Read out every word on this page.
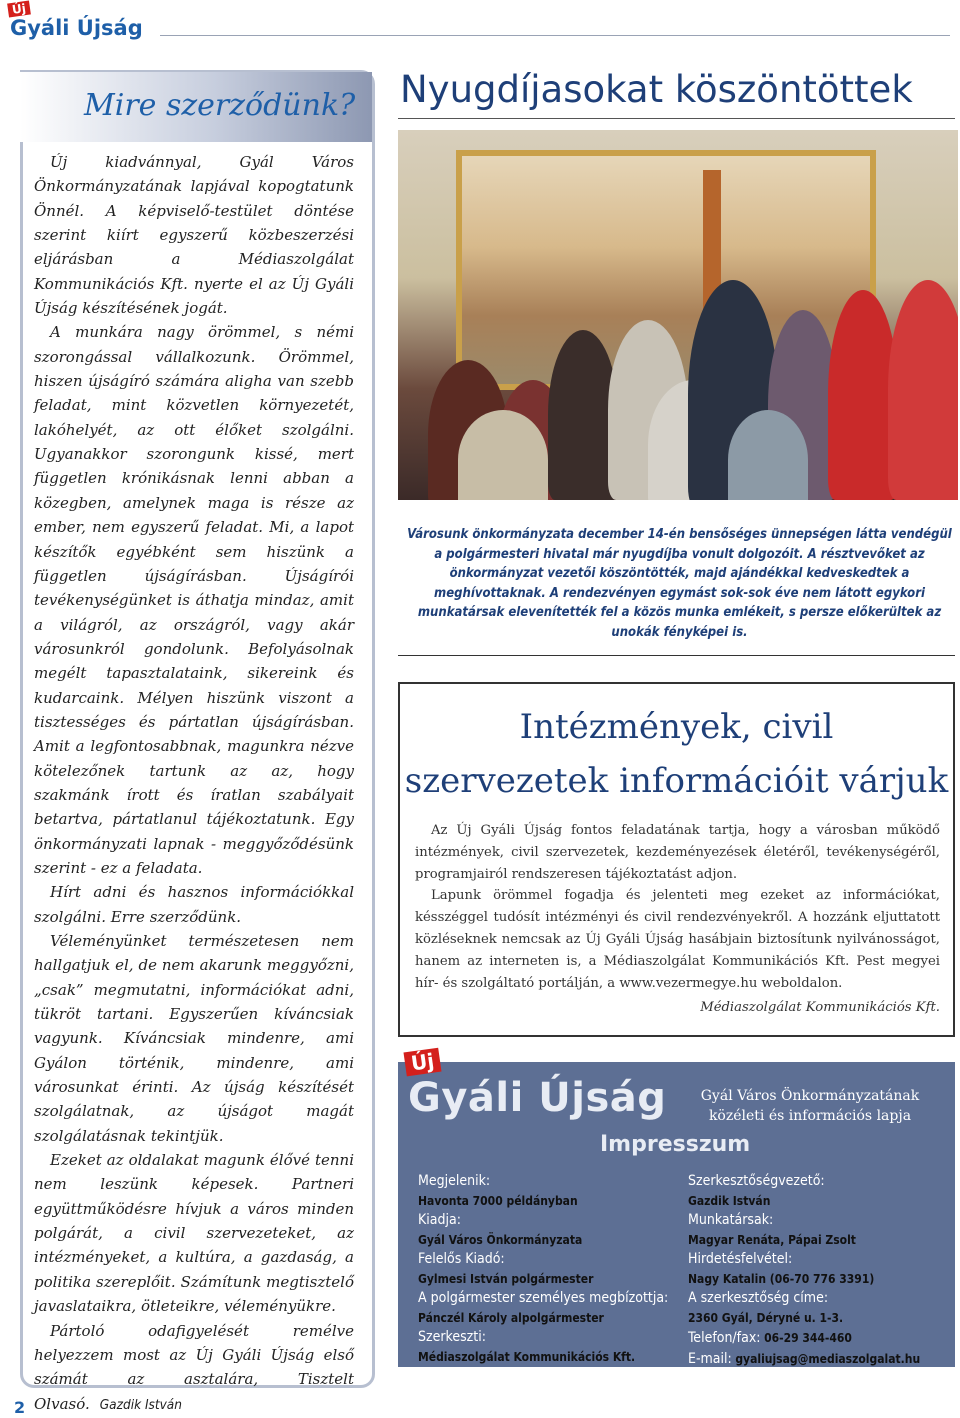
Új
Gyáli Újság
Mire szerződünk?

Új kiadvánnyal, Gyál Város Önkormányzatának lapjával kopogtatunk Önnél. A képviselő-testület döntése szerint kiírt egyszerű közbeszerzési eljárásban a Médiaszolgálat Kommunikációs Kft. nyerte el az Új Gyáli Újság készítésének jogát.

A munkára nagy örömmel, s némi szorongással vállalkozunk. Örömmel, hiszen újságíró számára aligha van szebb feladat, mint közvetlen környezetét, lakóhelyét, az ott élőket szolgálni. Ugyanakkor szorongunk kissé, mert független krónikásnak lenni abban a közegben, amelynek maga is része az ember, nem egyszerű feladat. Mi, a lapot készítők egyébként sem hiszünk a független újságírásban. Újságírói tevékenységünket is áthatja mindaz, amit a világról, az országról, vagy akár városunkról gondolunk. Befolyásolnak megélt tapasztalataink, sikereink és kudarcaink. Mélyen hiszünk viszont a tisztességes és pártatlan újságírásban. Amit a legfontosabbnak, magunkra nézve kötelezőnek tartunk az az, hogy szakmánk írott és íratlan szabályait betartva, pártatlanul tájékoztatunk. Egy önkormányzati lapnak - meggyőződésünk szerint - ez a feladata.

Hírt adni és hasznos információkkal szolgálni. Erre szerződünk.

Véleményünket természetesen nem hallgatjuk el, de nem akarunk meggyőzni, „csak” megmutatni, információkat adni, tükröt tartani. Egyszerűen kíváncsiak vagyunk. Kíváncsiak mindenre, ami Gyálon történik, mindenre, ami városunkat érinti. Az újság készítését szolgálatnak, az újságot magát szolgálatásnak tekintjük.

Ezeket az oldalakat magunk élővé tenni nem leszünk képesek. Partneri együttműködésre hívjuk a város minden polgárát, a civil szervezeteket, az intézményeket, a kultúra, a gazdaság, a politika szereplőit. Számítunk megtisztelő javaslataikra, ötleteikre, véleményükre.

Pártoló odafigyelését remélve helyezzem most az Új Gyáli Újság első számát az asztalára, Tisztelt Olvasó. Gazdik István

2
Nyugdíjasokat köszöntöttek
Városunk önkormányzata december 14-én bensőséges ünnepségen látta vendégül a polgármesteri hivatal már nyugdíjba vonult dolgozóit. A résztvevőket az önkormányzat vezetői köszöntötték, majd ajándékkal kedveskedtek a meghívottaknak. A rendezvényen egymást sok-sok éve nem látott egykori munkatársak elevenítették fel a közös munka emlékeit, s persze előkerültek az unokák fényképei is.
Intézmények, civil
szervezetek információit várjuk

Az Új Gyáli Újság fontos feladatának tartja, hogy a városban működő intézmények, civil szervezetek, kezdeményezések életéről, tevékenységéről, programjairól rendszeresen tájékoztatást adjon.

Lapunk örömmel fogadja és jelenteti meg ezeket az információkat, késszéggel tudósít intézményi és civil rendezvényekről. A hozzánk eljuttatott közléseknek nemcsak az Új Gyáli Újság hasábjain biztosítunk nyilvánosságot, hanem az interneten is, a Médiaszolgálat Kommunikációs Kft. Pest megyei hír- és szolgáltató portálján, a www.vezermegye.hu weboldalon.

Médiaszolgálat Kommunikációs Kft.
Új
Gyáli Újság	Gyál Város Önkormányzatának
közéleti és információs lapja
Impresszum
Megjelenik:
Havonta 7000 példányban
Kiadja:
Gyál Város Önkormányzata
Felelős Kiadó:
Gylmesi István polgármester
A polgármester személyes megbízottja:
Pánczél Károly alpolgármester
Szerkeszti:
Médiaszolgálat Kommunikációs Kft.
Szerkesztőségvezető:
Gazdik István
Munkatársak:
Magyar Renáta, Pápai Zsolt
Hirdetésfelvétel:
Nagy Katalin (06-70 776 3391)
A szerkesztőség címe:
2360 Gyál, Déryné u. 1-3.
Telefon/fax: 06-29 344-460
E-mail: gyaliujsag@mediaszolgalat.hu
